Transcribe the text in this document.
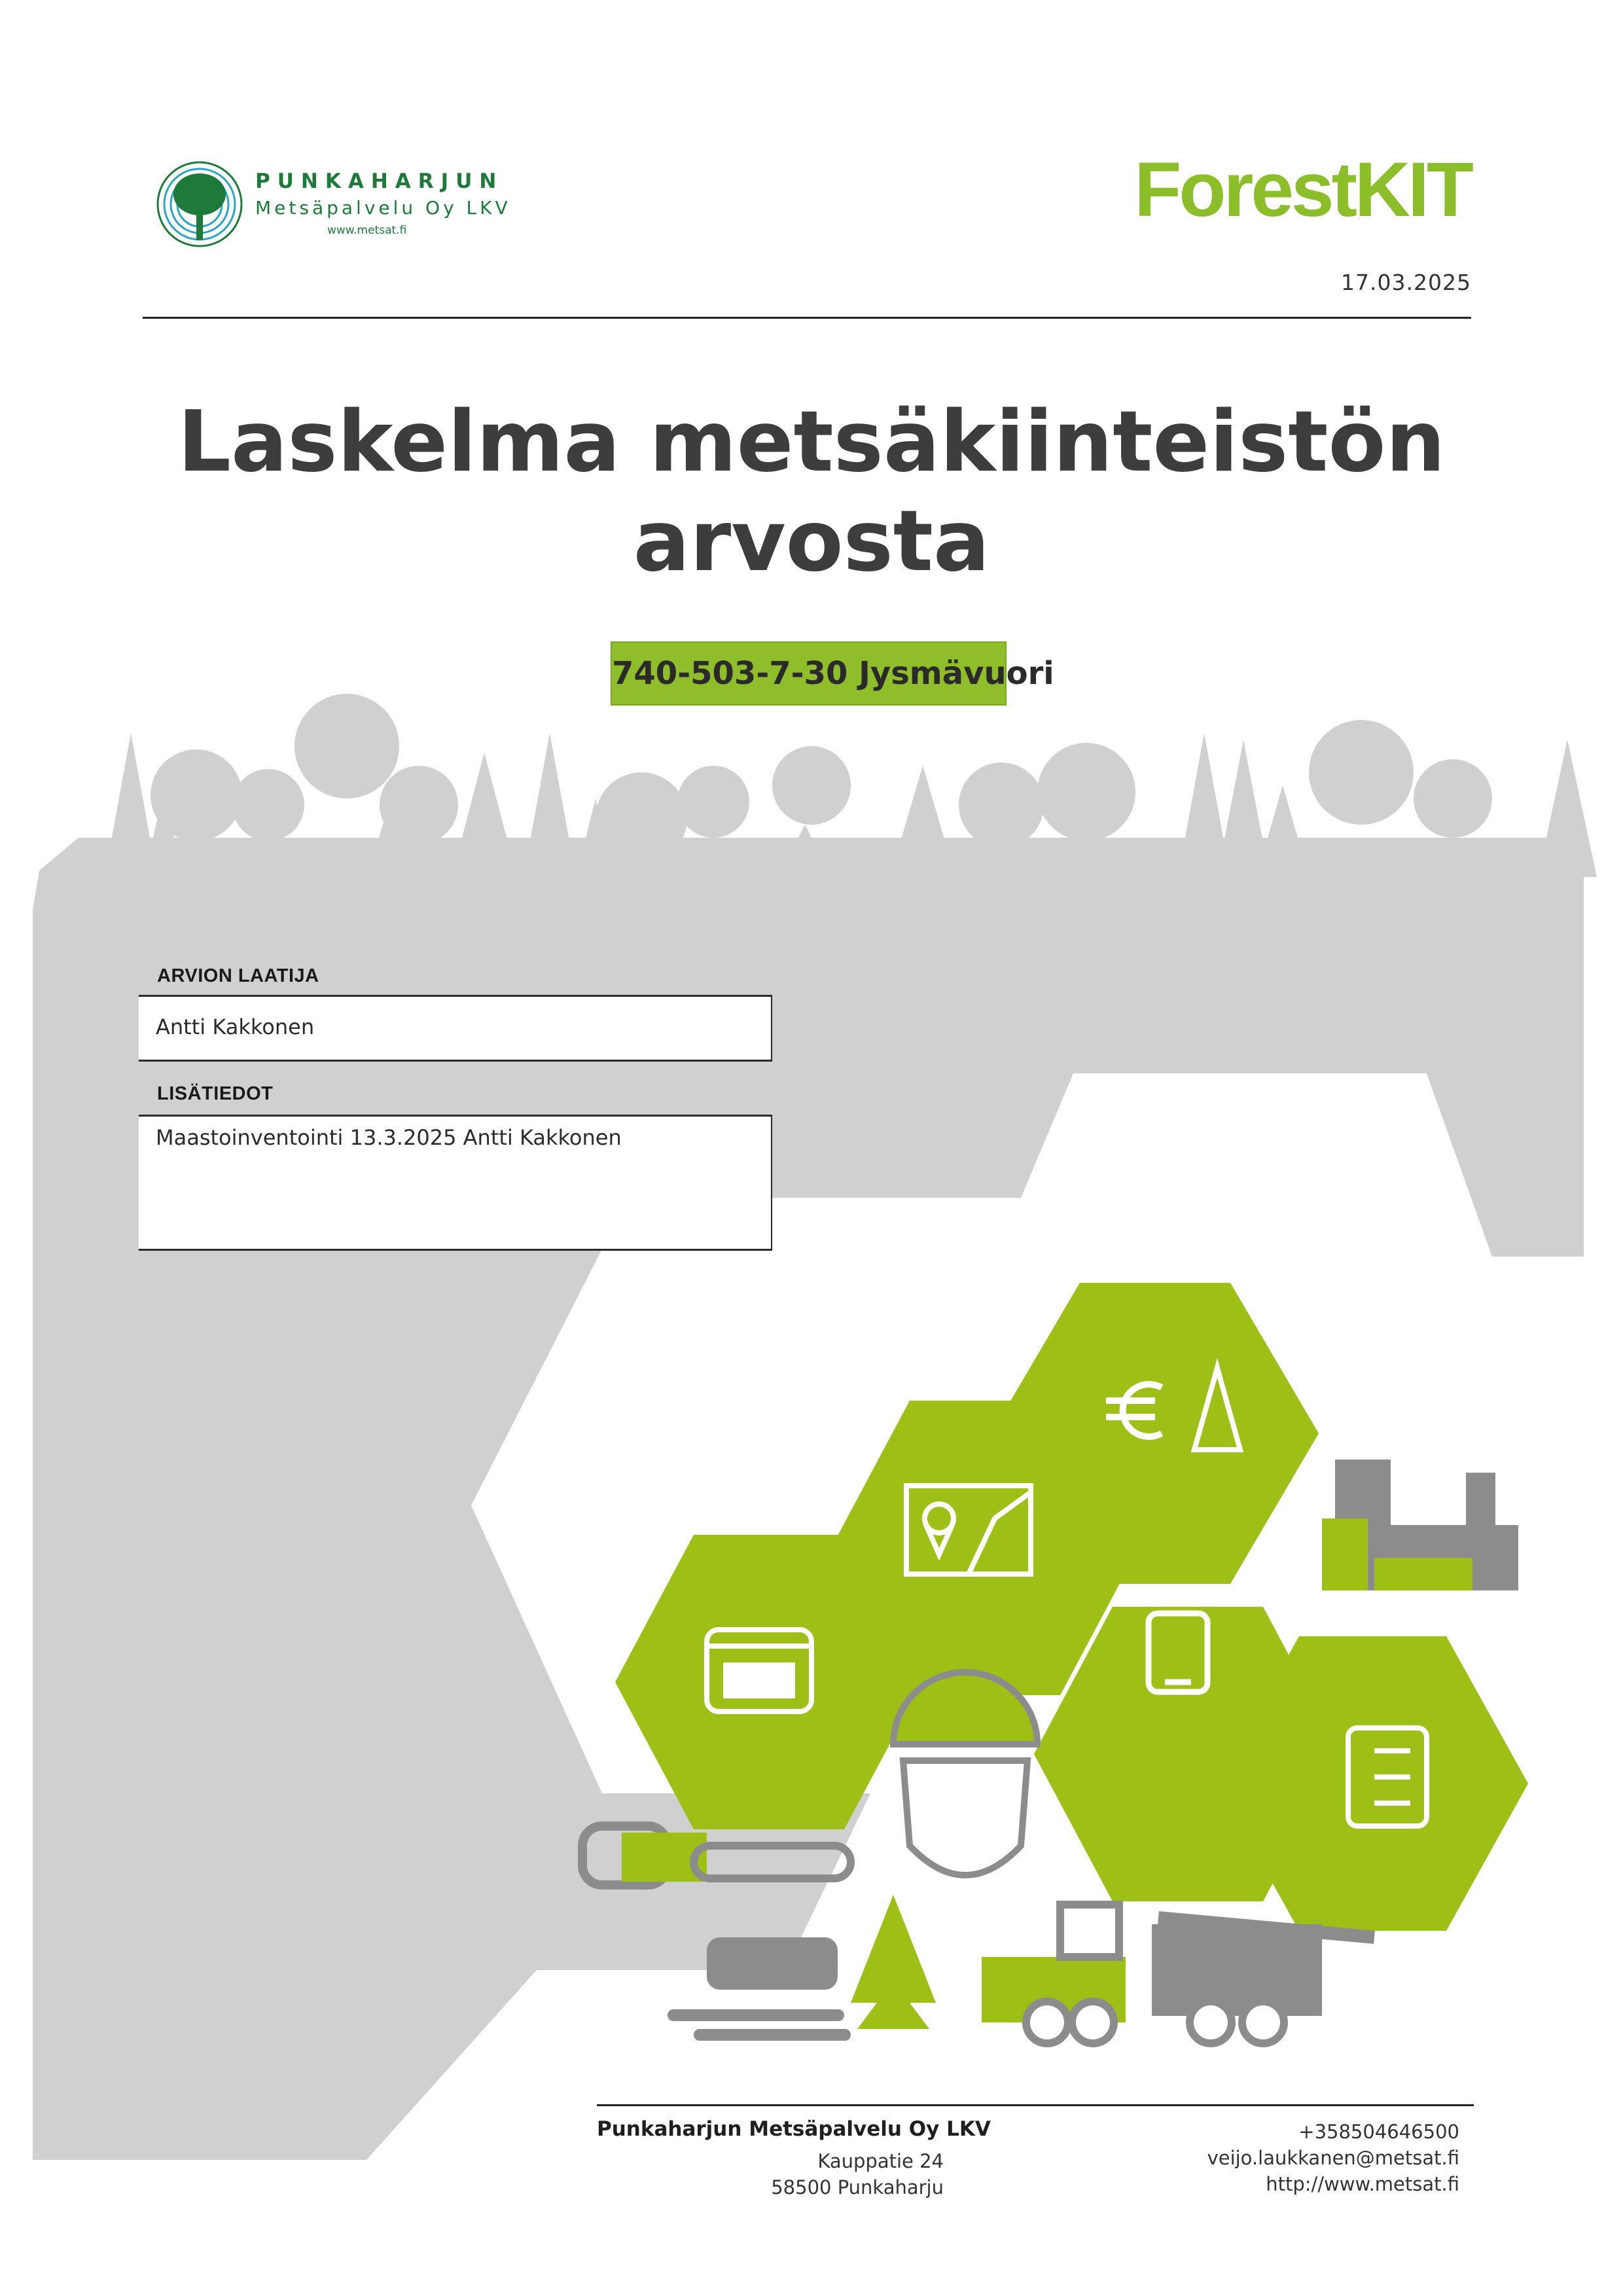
PUNKAHARJUN
Metsäpalvelu Oy LKV
www.metsat.fi	ForestKIT
17.03.2025
Laskelma metsäkiinteistön
arvosta
740-503-7-30 Jysmävuori
ARVION LAATIJA
Antti Kakkonen
LISÄTIEDOT
Maastoinventointi 13.3.2025 Antti Kakkonen
Punkaharjun Metsäpalvelu Oy LKV
Kauppatie 24
58500 Punkaharju
+358504646500
veijo.laukkanen@metsat.fi
http://www.metsat.fi
